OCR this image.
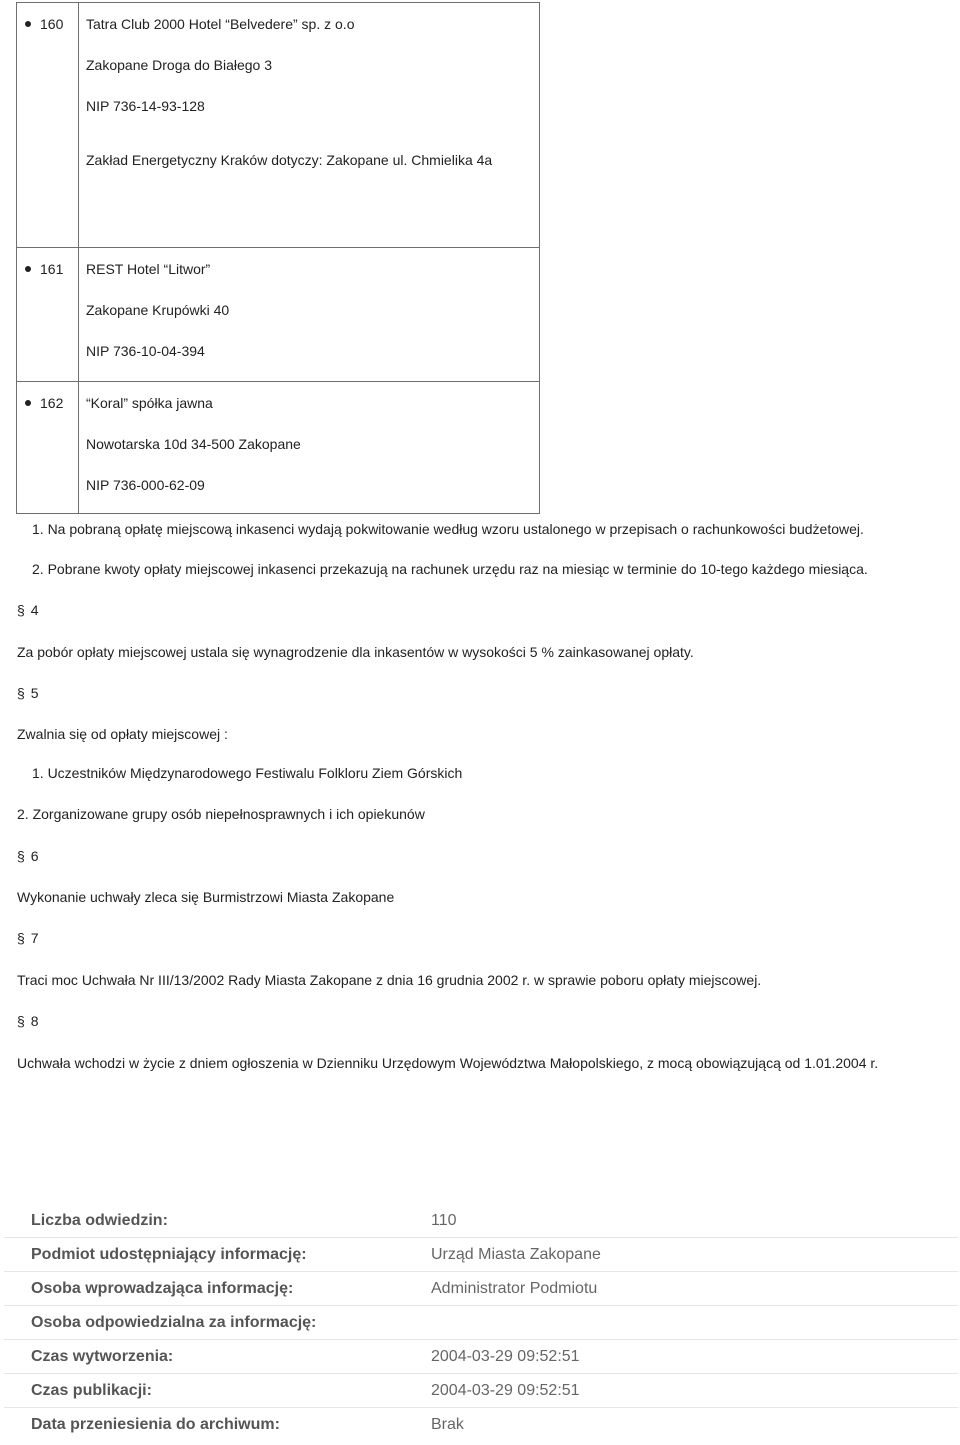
160	Tatra Club 2000 Hotel “Belvedere” sp. z o.o
Zakopane Droga do Białego 3
NIP 736-14-93-128
Zakład Energetyczny Kraków dotyczy: Zakopane ul. Chmielika 4a

161	REST Hotel “Litwor”
Zakopane Krupówki 40
NIP 736-10-04-394

162	“Koral” spółka jawna
Nowotarska 10d 34-500 Zakopane
NIP 736-000-62-09
1. Na pobraną opłatę miejscową inkasenci wydają pokwitowanie według wzoru ustalonego w przepisach o rachunkowości budżetowej.
2. Pobrane kwoty opłaty miejscowej inkasenci przekazują na rachunek urzędu raz na miesiąc w terminie do 10-tego każdego miesiąca.
§ 4
Za pobór opłaty miejscowej ustala się wynagrodzenie dla inkasentów w wysokości 5 % zainkasowanej opłaty.
§ 5
Zwalnia się od opłaty miejscowej :
1. Uczestników Międzynarodowego Festiwalu Folkloru Ziem Górskich
2. Zorganizowane grupy osób niepełnosprawnych i ich opiekunów
§ 6
Wykonanie uchwały zleca się Burmistrzowi Miasta Zakopane
§ 7
Traci moc Uchwała Nr III/13/2002 Rady Miasta Zakopane z dnia 16 grudnia 2002 r. w sprawie poboru opłaty miejscowej.
§ 8
Uchwała wchodzi w życie z dniem ogłoszenia w Dzienniku Urzędowym Województwa Małopolskiego, z mocą obowiązującą od 1.01.2004 r.
Liczba odwiedzin:	110
Podmiot udostępniający informację:	Urząd Miasta Zakopane
Osoba wprowadzająca informację:	Administrator Podmiotu
Osoba odpowiedzialna za informację:	
Czas wytworzenia:	2004-03-29 09:52:51
Czas publikacji:	2004-03-29 09:52:51
Data przeniesienia do archiwum:	Brak
